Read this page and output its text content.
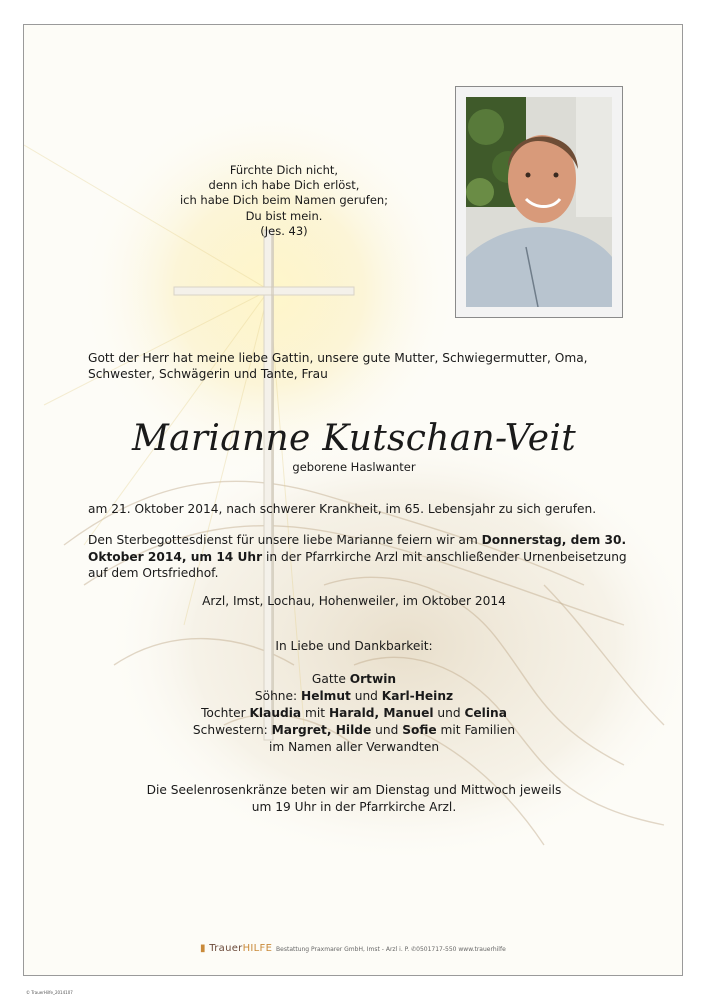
Fürchte Dich nicht,
denn ich habe Dich erlöst,
ich habe Dich beim Namen gerufen;
Du bist mein.
(Jes. 43)
Gott der Herr hat meine liebe Gattin, unsere gute Mutter, Schwiegermutter, Oma, Schwester, Schwägerin und Tante, Frau
Marianne Kutschan-Veit
geborene Haslwanter
am 21. Oktober 2014, nach schwerer Krankheit, im 65. Lebensjahr zu sich gerufen.
Den Sterbegottesdienst für unsere liebe Marianne feiern wir am Donnerstag, dem 30. Oktober 2014, um 14 Uhr in der Pfarrkirche Arzl mit anschließender Urnenbeisetzung auf dem Ortsfriedhof.
Arzl, Imst, Lochau, Hohenweiler, im Oktober 2014
In Liebe und Dankbarkeit:
Gatte Ortwin
Söhne: Helmut und Karl-Heinz
Tochter Klaudia mit Harald, Manuel und Celina
Schwestern: Margret, Hilde und Sofie mit Familien
im Namen aller Verwandten
Die Seelenrosenkränze beten wir am Dienstag und Mittwoch jeweils
um 19 Uhr in der Pfarrkirche Arzl.
▮ TrauerHILFE Bestattung Praxmarer GmbH, Imst - Arzl i. P. ✆0501717-550 www.trauerhilfe
© TrauerHilfe_2014107
